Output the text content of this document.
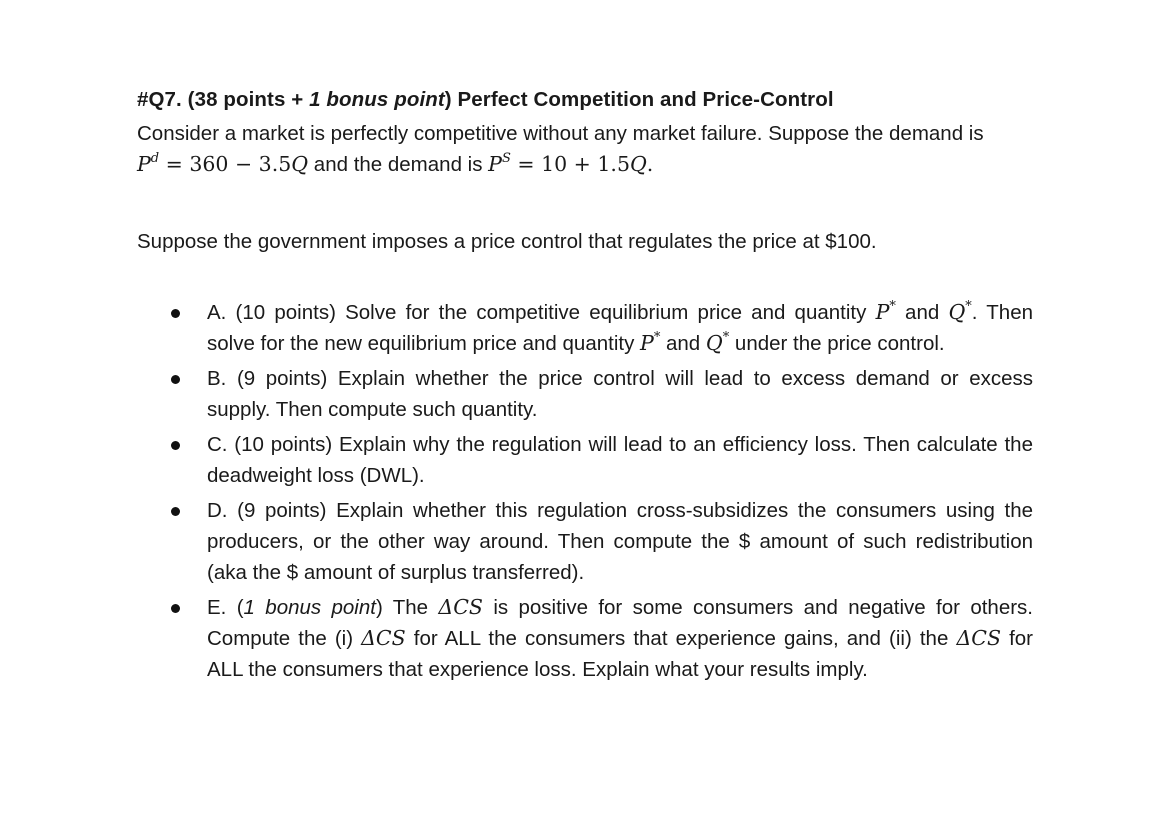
#Q7. (38 points + 1 bonus point) Perfect Competition and Price-Control

Consider a market is perfectly competitive without any market failure. Suppose the demand is
$P^d = 360 - 3.5Q$ and the demand is $P^S = 10 + 1.5Q$.

Suppose the government imposes a price control that regulates the price at $100.

A. (10 points) Solve for the competitive equilibrium price and quantity P* and Q*. Then solve for the new equilibrium price and quantity P* and Q* under the price control.
B. (9 points) Explain whether the price control will lead to excess demand or excess supply. Then compute such quantity.
C. (10 points) Explain why the regulation will lead to an efficiency loss. Then calculate the deadweight loss (DWL).
D. (9 points) Explain whether this regulation cross-subsidizes the consumers using the producers, or the other way around. Then compute the $ amount of such redistribution (aka the $ amount of surplus transferred).
E. (1 bonus point) The ΔCS is positive for some consumers and negative for others. Compute the (i) ΔCS for ALL the consumers that experience gains, and (ii) the ΔCS for ALL the consumers that experience loss. Explain what your results imply.
